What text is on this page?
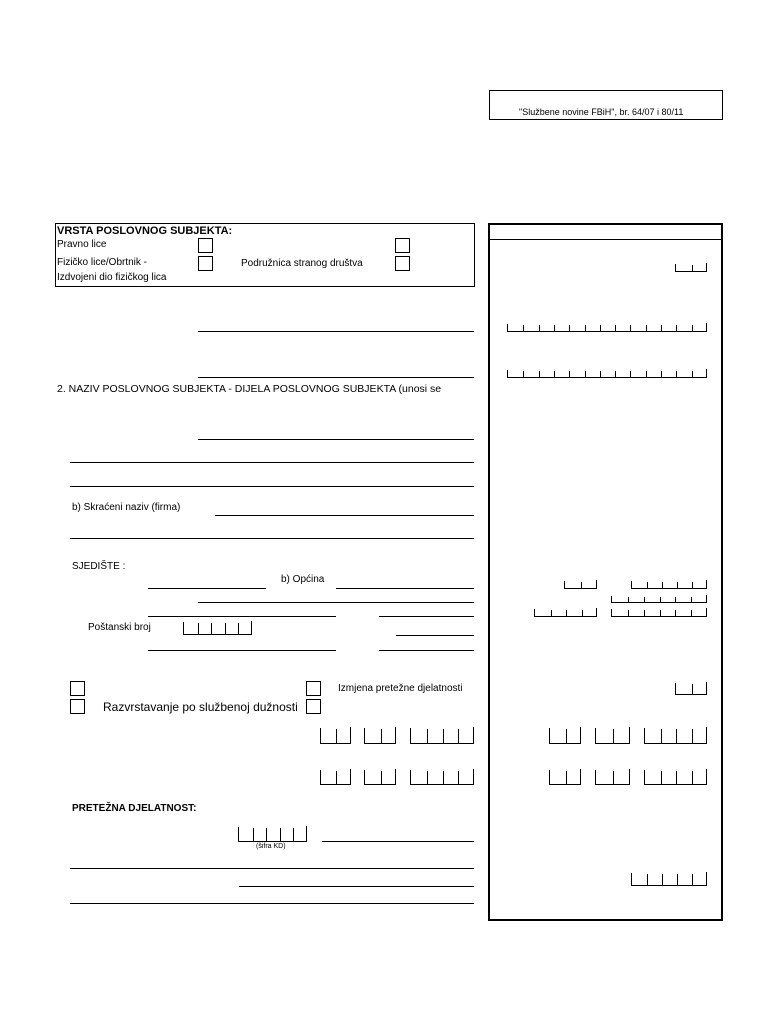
"Službene novine FBiH", br. 64/07 i 80/11
VRSTA POSLOVNOG SUBJEKTA:
Pravno lice
Fizičko lice/Obrtnik -
Izdvojeni dio fizičkog lica
Podružnica stranog društva
2. NAZIV POSLOVNOG SUBJEKTA - DIJELA POSLOVNOG SUBJEKTA (unosi se
b) Skraćeni naziv (firma)
SJEDIŠTE :
b) Općina
Poštanski broj
Izmjena pretežne djelatnosti
Razvrstavanje po službenoj dužnosti
PRETEŽNA DJELATNOST:
(šifra KD)
